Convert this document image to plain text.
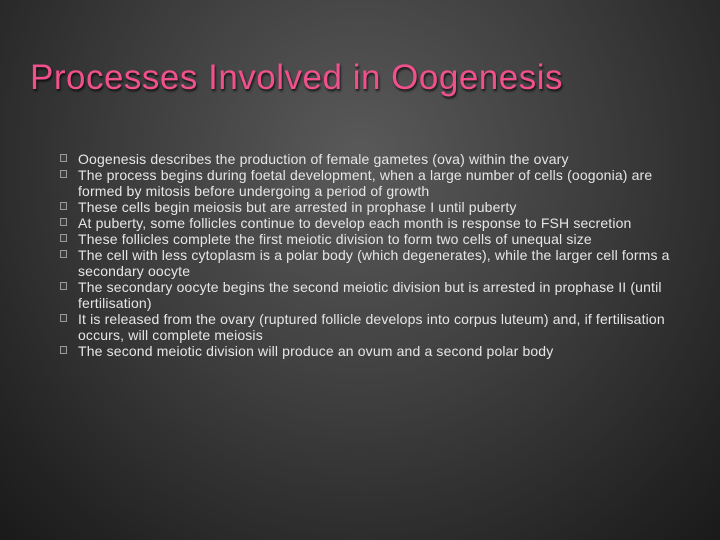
Processes Involved in Oogenesis
Oogenesis describes the production of female gametes (ova) within the ovary
The process begins during foetal development, when a large number of cells (oogonia) are formed by mitosis before undergoing a period of growth
These cells begin meiosis but are arrested in prophase I until puberty
At puberty, some follicles continue to develop each month is response to FSH secretion
These follicles complete the first meiotic division to form two cells of unequal size
The cell with less cytoplasm is a polar body (which degenerates), while the larger cell forms a secondary oocyte
The secondary oocyte begins the second meiotic division but is arrested in prophase II (until fertilisation)
It is released from the ovary (ruptured follicle develops into corpus luteum) and, if fertilisation occurs, will complete meiosis
The second meiotic division will produce an ovum and a second polar body
